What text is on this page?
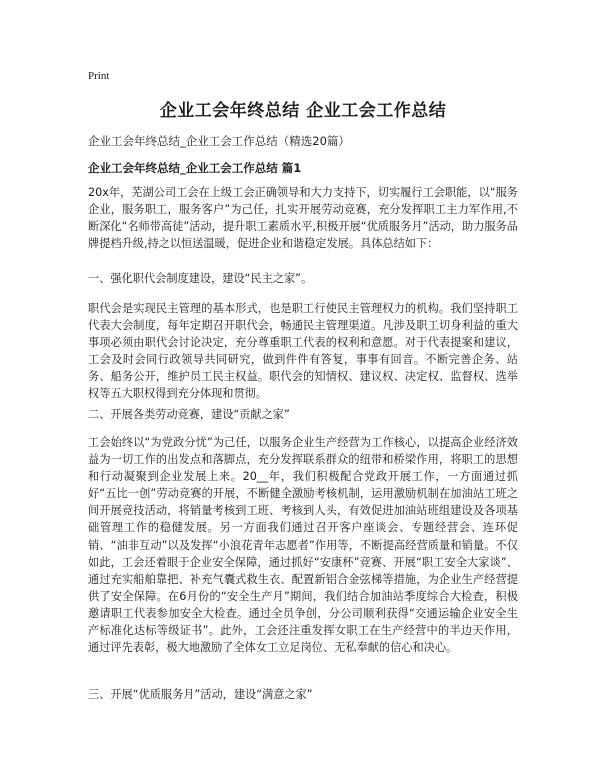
Print
企业工会年终总结 企业工会工作总结

企业工会年终总结_企业工会工作总结（精选20篇）

企业工会年终总结_企业工会工作总结 篇1

20x年，芜湖公司工会在上级工会正确领导和大力支持下，切实履行工会职能，以“服务企业，服务职工，服务客户”为己任，扎实开展劳动竞赛，充分发挥职工主力军作用,不断深化“名师带高徒”活动，提升职工素质水平,积极开展“优质服务月”活动，助力服务品牌提档升级,持之以恒送温暖，促进企业和谐稳定发展。具体总结如下：

一、强化职代会制度建设，建设“民主之家”。

职代会是实现民主管理的基本形式，也是职工行使民主管理权力的机构。我们坚持职工代表大会制度，每年定期召开职代会，畅通民主管理渠道。凡涉及职工切身利益的重大事项必须由职代会讨论决定，充分尊重职工代表的权利和意愿。对于代表提案和建议，工会及时会同行政领导共同研究，做到件件有答复，事事有回音。不断完善企务、站务、船务公开，维护员工民主权益。职代会的知情权、建议权、决定权、监督权、选举权等五大职权得到充分体现和贯彻。

二、开展各类劳动竞赛，建设“贡献之家”

工会始终以“为党政分忧”为己任，以服务企业生产经营为工作核心，以提高企业经济效益为一切工作的出发点和落脚点，充分发挥联系群众的纽带和桥梁作用，将职工的思想和行动凝聚到企业发展上来。20__年，我们积极配合党政开展工作，一方面通过抓好“五比一创”劳动竞赛的开展，不断健全激励考核机制，运用激励机制在加油站工班之间开展竞技活动，将销量考核到工班、考核到人头，有效促进加油站班组建设及各项基础管理工作的稳健发展。另一方面我们通过召开客户座谈会、专题经营会、连环促销、“油非互动”以及发挥“小浪花青年志愿者”作用等，不断提高经营质量和销量。不仅如此，工会还着眼于企业安全保障，通过抓好“安康杯”竞赛、开展“职工安全大家谈”、通过充实船舶靠把、补充气囊式救生衣、配置新铝合金弦梯等措施，为企业生产经营提供了安全保障。在6月份的“安全生产月”期间，我们结合加油站季度综合大检查，积极邀请职工代表参加安全大检查。通过全员争创，分公司顺利获得“交通运输企业安全生产标准化达标等级证书”。此外，工会还注重发挥女职工在生产经营中的半边天作用，通过评先表彰，极大地激励了全体女工立足岗位、无私奉献的信心和决心。

三、开展“优质服务月”活动，建设“满意之家”
